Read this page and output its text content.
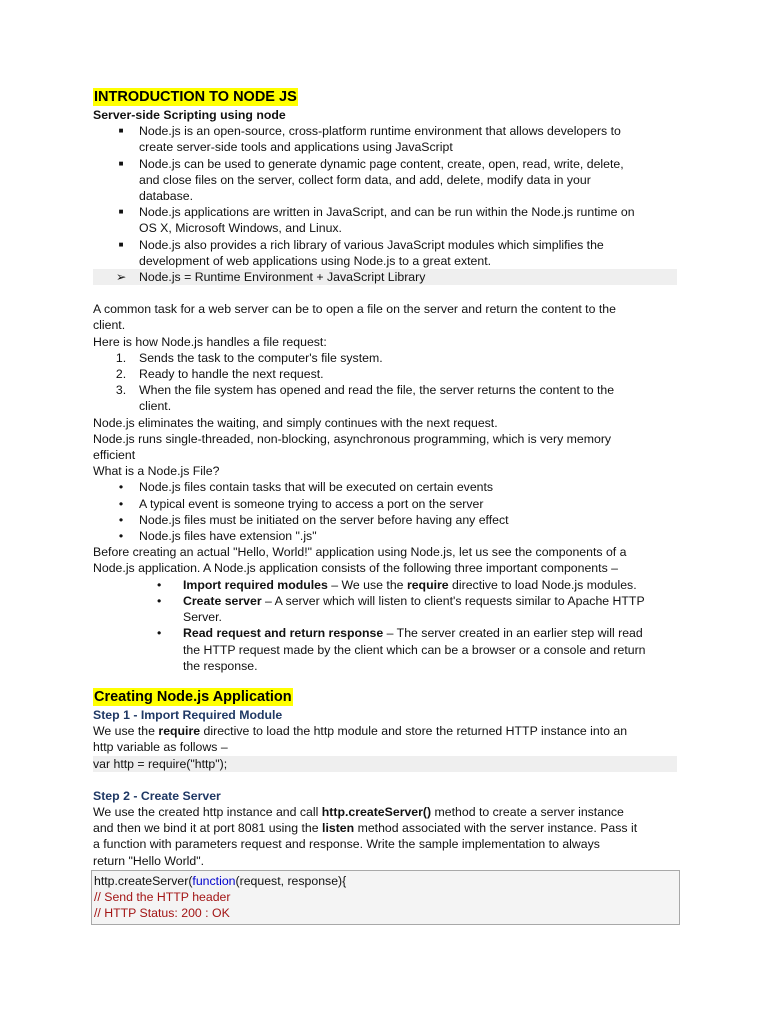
INTRODUCTION TO NODE JS
Server-side Scripting using node
■	Node.js is an open-source, cross-platform runtime environment that allows developers to
create server-side tools and applications using JavaScript
■	Node.js can be used to generate dynamic page content, create, open, read, write, delete,
and close files on the server, collect form data, and add, delete, modify data in your
database.
■	Node.js applications are written in JavaScript, and can be run within the Node.js runtime on
OS X, Microsoft Windows, and Linux.
■	Node.js also provides a rich library of various JavaScript modules which simplifies the
development of web applications using Node.js to a great extent.
➢ Node.js = Runtime Environment + JavaScript Library
A common task for a web server can be to open a file on the server and return the content to the
client.
Here is how Node.js handles a file request:
1. Sends the task to the computer's file system.
2. Ready to handle the next request.
3. When the file system has opened and read the file, the server returns the content to the
client.
Node.js eliminates the waiting, and simply continues with the next request.
Node.js runs single-threaded, non-blocking, asynchronous programming, which is very memory
efficient
What is a Node.js File?
•	Node.js files contain tasks that will be executed on certain events
•	A typical event is someone trying to access a port on the server
•	Node.js files must be initiated on the server before having any effect
•	Node.js files have extension ".js"
Before creating an actual "Hello, World!" application using Node.js, let us see the components of a
Node.js application. A Node.js application consists of the following three important components –
• Import required modules – We use the require directive to load Node.js modules.
• Create server – A server which will listen to client's requests similar to Apache HTTP
Server.
• Read request and return response – The server created in an earlier step will read
the HTTP request made by the client which can be a browser or a console and return
the response.
Creating Node.js Application
Step 1 - Import Required Module
We use the require directive to load the http module and store the returned HTTP instance into an
http variable as follows –
var http = require("http");
Step 2 - Create Server
We use the created http instance and call http.createServer() method to create a server instance
and then we bind it at port 8081 using the listen method associated with the server instance. Pass it
a function with parameters request and response. Write the sample implementation to always
return "Hello World".
http.createServer(function(request, response){
// Send the HTTP header
// HTTP Status: 200 : OK
